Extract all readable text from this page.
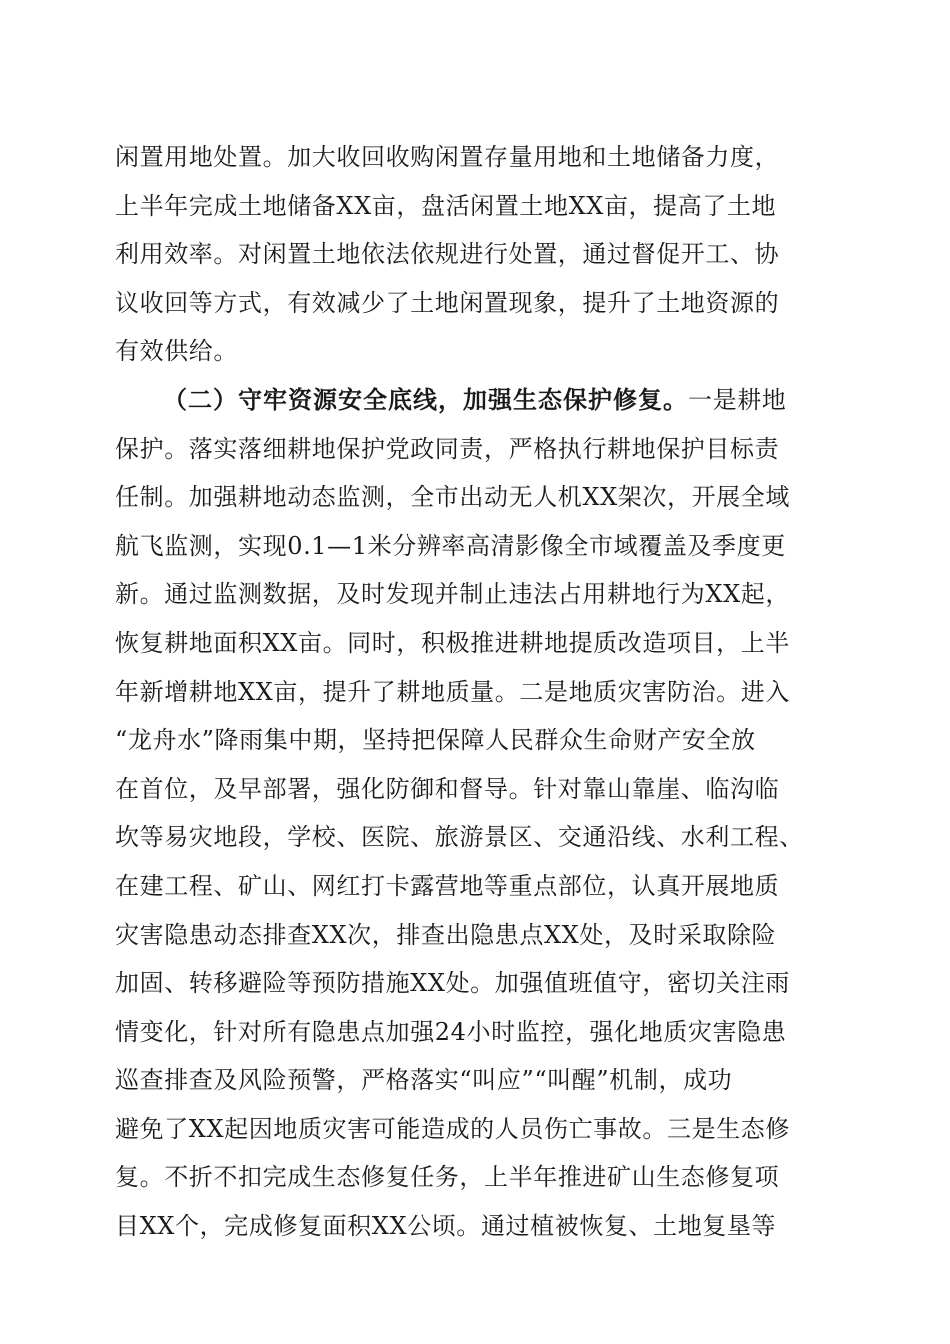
闲置用地处置。加大收回收购闲置存量用地和土地储备力度，
上半年完成土地储备XX亩，盘活闲置土地XX亩，提高了土地
利用效率。对闲置土地依法依规进行处置，通过督促开工、协
议收回等方式，有效减少了土地闲置现象，提升了土地资源的
有效供给。
（二）守牢资源安全底线，加强生态保护修复。一是耕地
保护。落实落细耕地保护党政同责，严格执行耕地保护目标责
任制。加强耕地动态监测，全市出动无人机XX架次，开展全域
航飞监测，实现0.1—1米分辨率高清影像全市域覆盖及季度更
新。通过监测数据，及时发现并制止违法占用耕地行为XX起，
恢复耕地面积XX亩。同时，积极推进耕地提质改造项目，上半
年新增耕地XX亩，提升了耕地质量。二是地质灾害防治。进入
“龙舟水”降雨集中期，坚持把保障人民群众生命财产安全放
在首位，及早部署，强化防御和督导。针对靠山靠崖、临沟临
坎等易灾地段，学校、医院、旅游景区、交通沿线、水利工程、
在建工程、矿山、网红打卡露营地等重点部位，认真开展地质
灾害隐患动态排查XX次，排查出隐患点XX处，及时采取除险
加固、转移避险等预防措施XX处。加强值班值守，密切关注雨
情变化，针对所有隐患点加强24小时监控，强化地质灾害隐患
巡查排查及风险预警，严格落实“叫应”“叫醒”机制，成功
避免了XX起因地质灾害可能造成的人员伤亡事故。三是生态修
复。不折不扣完成生态修复任务，上半年推进矿山生态修复项
目XX个，完成修复面积XX公顷。通过植被恢复、土地复垦等
